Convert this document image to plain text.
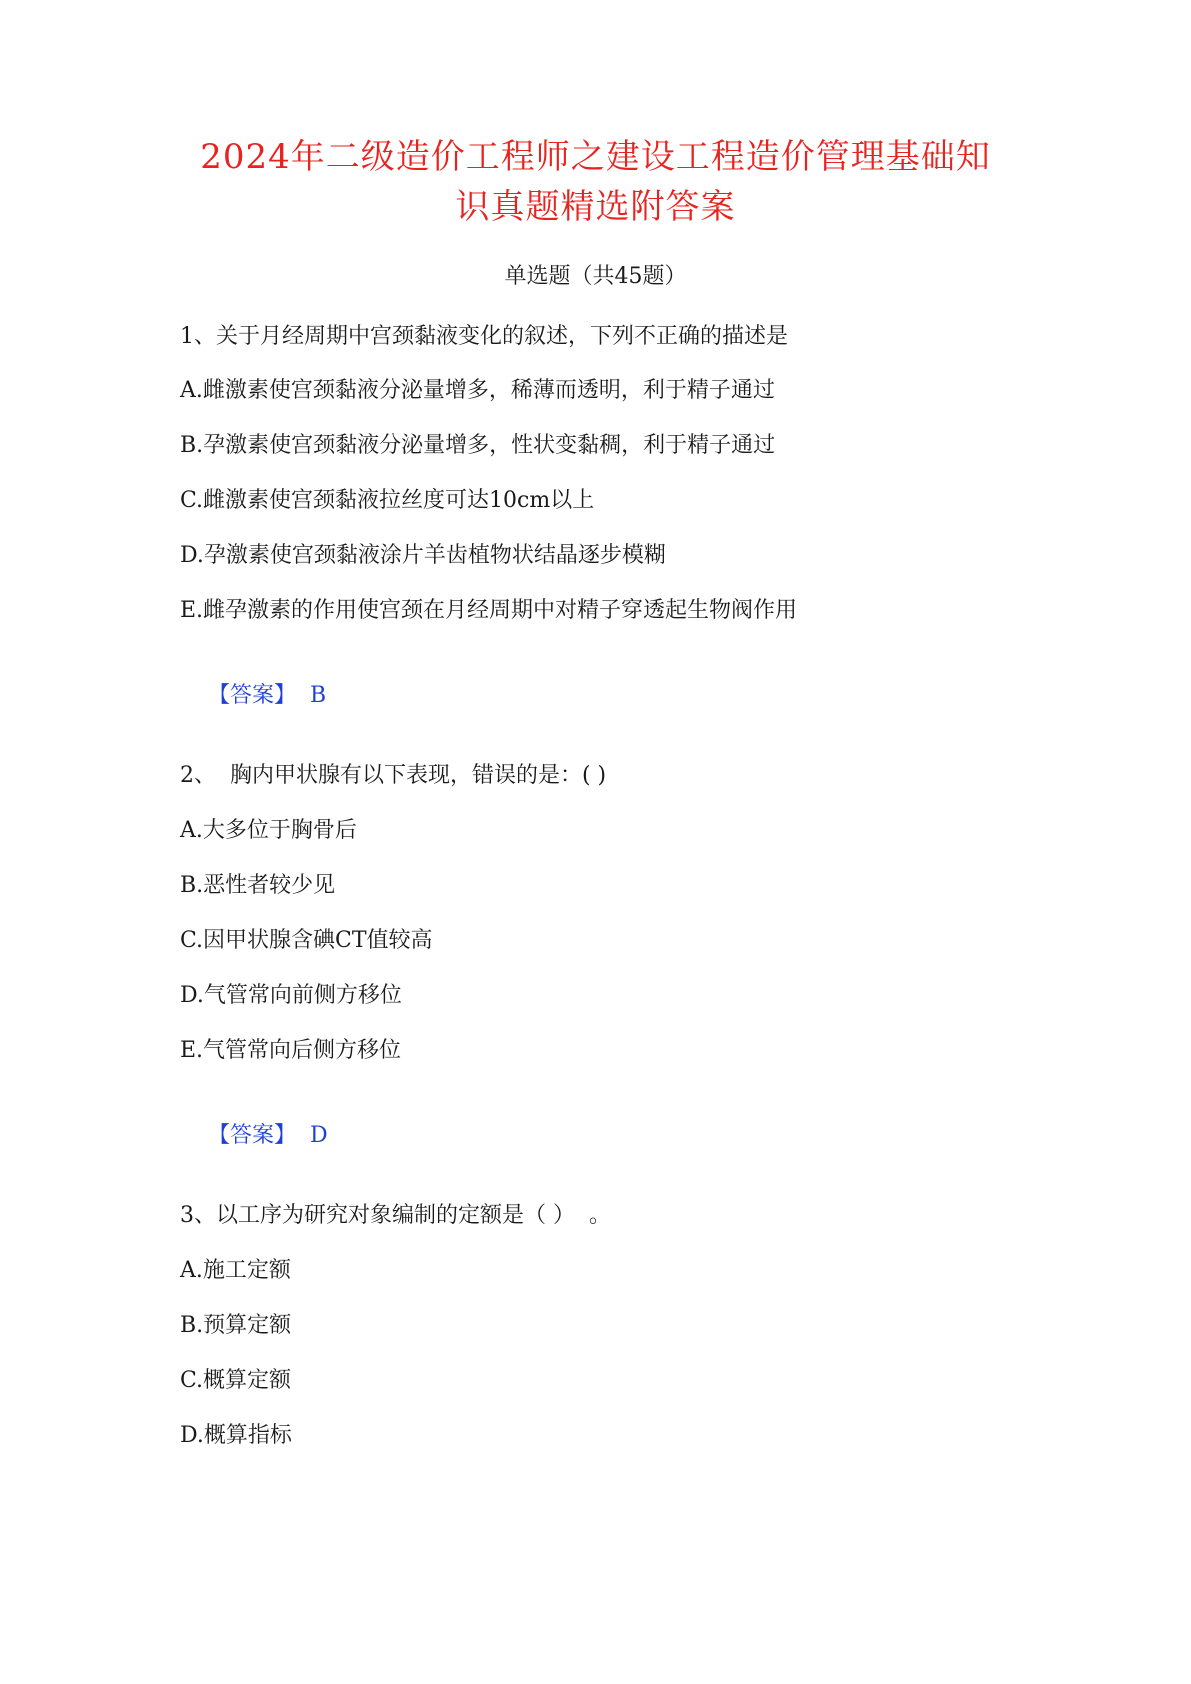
2024年二级造价工程师之建设工程造价管理基础知
识真题精选附答案
单选题（共45题）
1、关于月经周期中宫颈黏液变化的叙述，下列不正确的描述是
A.雌激素使宫颈黏液分泌量增多，稀薄而透明，利于精子通过
B.孕激素使宫颈黏液分泌量增多，性状变黏稠，利于精子通过
C.雌激素使宫颈黏液拉丝度可达10cm以上
D.孕激素使宫颈黏液涂片羊齿植物状结晶逐步模糊
E.雌孕激素的作用使宫颈在月经周期中对精子穿透起生物阀作用

【答案】 B

2、  胸内甲状腺有以下表现，错误的是：( )
A.大多位于胸骨后
B.恶性者较少见
C.因甲状腺含碘CT值较高
D.气管常向前侧方移位
E.气管常向后侧方移位

【答案】 D

3、以工序为研究对象编制的定额是（ ）  。
A.施工定额
B.预算定额
C.概算定额
D.概算指标
